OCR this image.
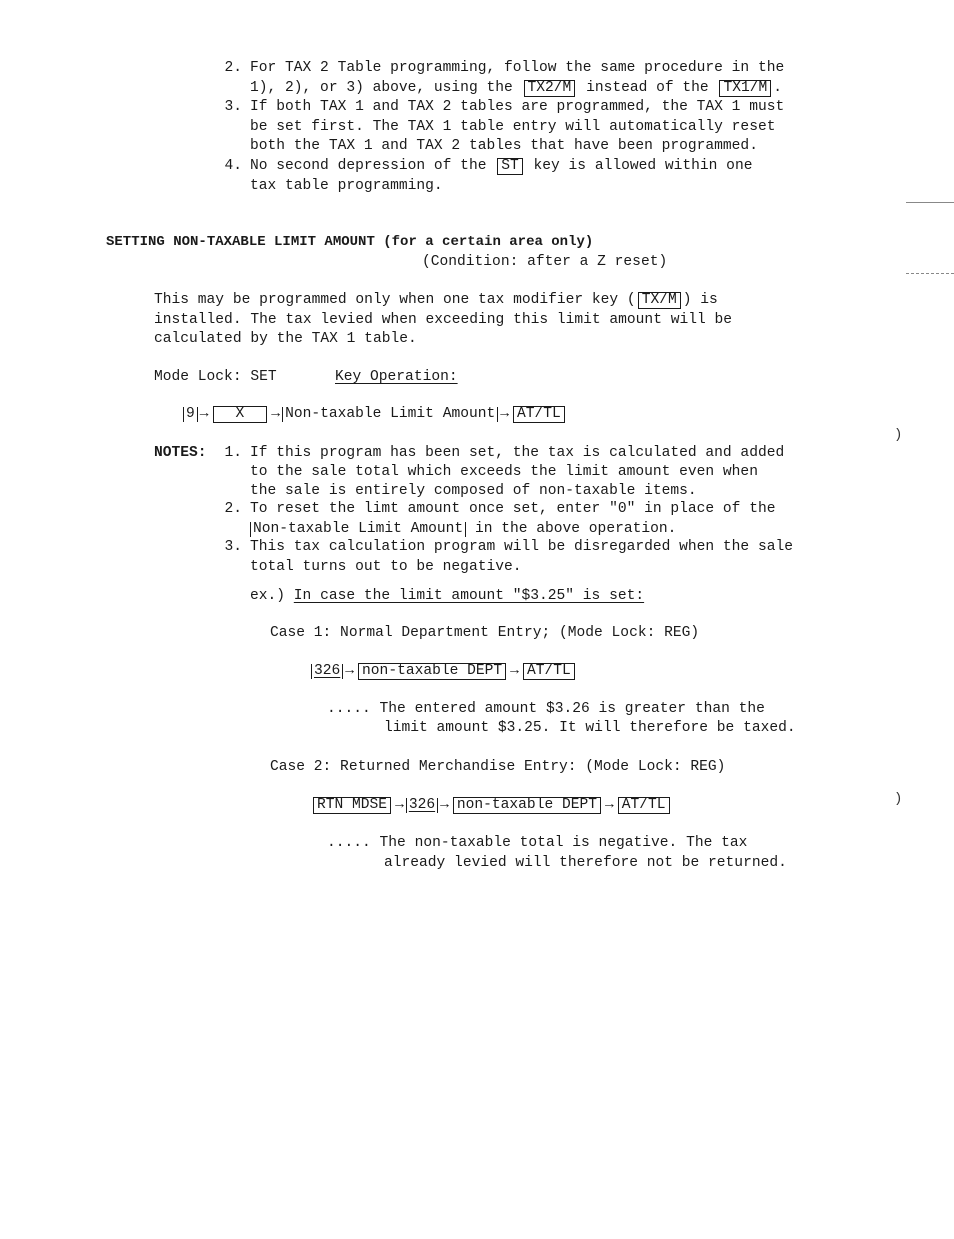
2. For TAX 2 Table programming, follow the same procedure in the
1), 2), or 3) above, using the TX2/M instead of the TX1/M .
3. If both TAX 1 and TAX 2 tables are programmed, the TAX 1 must
be set first. The TAX 1 table entry will automatically reset
both the TAX 1 and TAX 2 tables that have been programmed.
4. No second depression of the ST key is allowed within one
tax table programming.
SETTING NON-TAXABLE LIMIT AMOUNT (for a certain area only)
(Condition: after a Z reset)
This may be programmed only when one tax modifier key ( TX/M ) is
installed. The tax levied when exceeding this limit amount will be
calculated by the TAX 1 table.
Mode Lock: SET	Key Operation:
9 → X → Non-taxable Limit Amount → AT/TL
NOTES:	1. If this program has been set, the tax is calculated and added
to the sale total which exceeds the limit amount even when
the sale is entirely composed of non-taxable items.
2. To reset the limt amount once set, enter "0" in place of the
Non-taxable Limit Amount in the above operation.
3. This tax calculation program will be disregarded when the sale
total turns out to be negative.
ex.) In case the limit amount "$3.25" is set:
Case 1: Normal Department Entry; (Mode Lock: REG)
326 → non-taxable DEPT → AT/TL
..... The entered amount $3.26 is greater than the
limit amount $3.25. It will therefore be taxed.
Case 2: Returned Merchandise Entry: (Mode Lock: REG)
RTN MDSE → 326 → non-taxable DEPT → AT/TL
..... The non-taxable total is negative. The tax
already levied will therefore not be returned.
)
)
